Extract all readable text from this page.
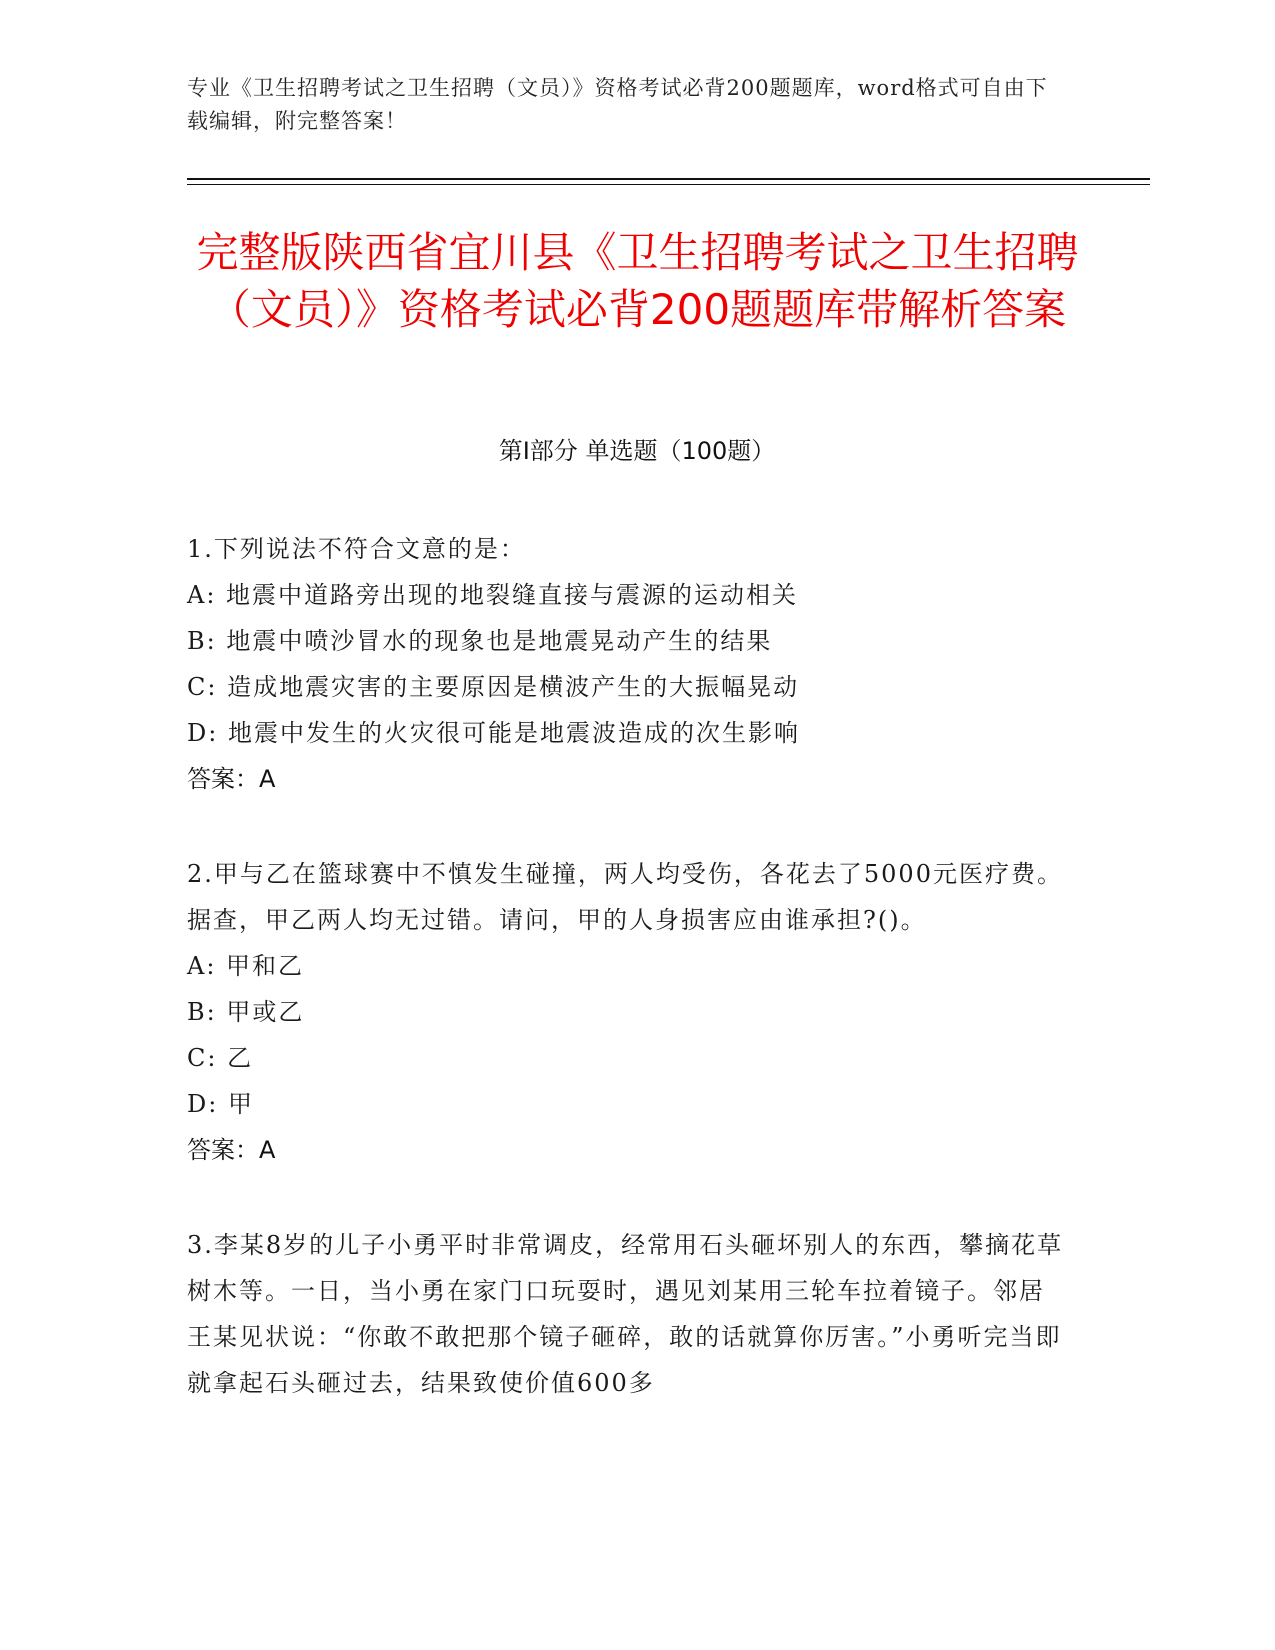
专业《卫生招聘考试之卫生招聘（文员）》资格考试必背200题题库，word格式可自由下载编辑，附完整答案！
完整版陕西省宜川县《卫生招聘考试之卫生招聘（文员）》资格考试必背200题题库带解析答案
第I部分 单选题（100题）

1.下列说法不符合文意的是：

A: 地震中道路旁出现的地裂缝直接与震源的运动相关

B: 地震中喷沙冒水的现象也是地震晃动产生的结果

C: 造成地震灾害的主要原因是横波产生的大振幅晃动

D: 地震中发生的火灾很可能是地震波造成的次生影响

答案：A

2.甲与乙在篮球赛中不慎发生碰撞，两人均受伤，各花去了5000元医疗费。据查，甲乙两人均无过错。请问，甲的人身损害应由谁承担?()。

A: 甲和乙

B: 甲或乙

C: 乙

D: 甲

答案：A

3.李某8岁的儿子小勇平时非常调皮，经常用石头砸坏别人的东西，攀摘花草树木等。一日，当小勇在家门口玩耍时，遇见刘某用三轮车拉着镜子。邻居王某见状说：“你敢不敢把那个镜子砸碎，敢的话就算你厉害。”小勇听完当即就拿起石头砸过去，结果致使价值600多
